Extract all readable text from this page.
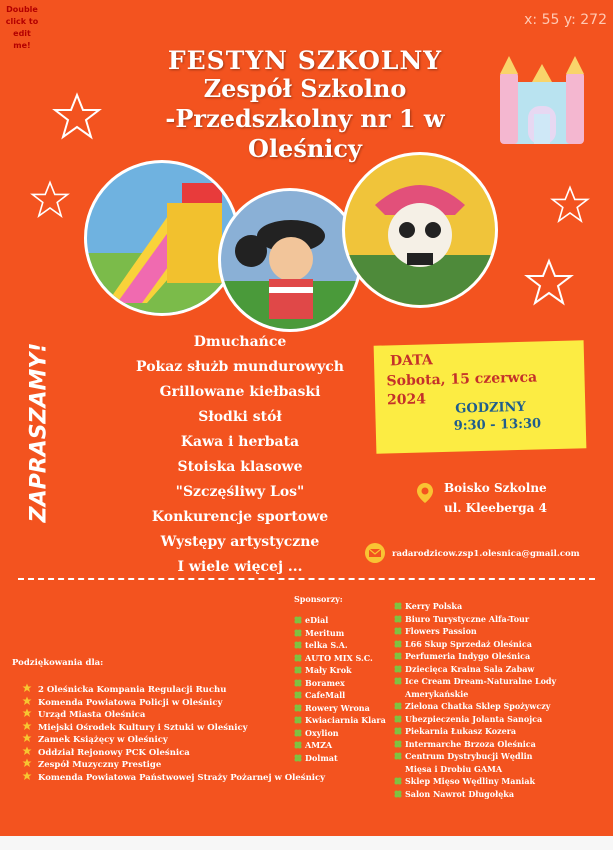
Double click to edit me!
x: 55 y: 272
FESTYN SZKOLNY
Zespół Szkolno
-Przedszkolny nr 1 w
Oleśnicy
ZAPRASZAMY!
Dmuchańce
Pokaz służb mundurowych
Grillowane kiełbaski
Słodki stół
Kawa i herbata
Stoiska klasowe
"Szczęśliwy Los"
Konkurencje sportowe
Występy artystyczne
I wiele więcej ...
DATA
Sobota, 15 czerwca
2024 GODZINY
9:30 - 13:30
Boisko Szkolne
ul. Kleeberga 4
radarodzicow.zsp1.olesnica@gmail.com
Sponsorzy:
eDial
Meritum
telka S.A.
AUTO MIX S.C.
Mały Krok
Boramex
CafeMall
Rowery Wrona
Kwiaciarnia Klara
Oxylion
AMZA
Dolmat
Kerry Polska
Biuro Turystyczne Alfa-Tour
Flowers Passion
L66 Skup Sprzedaż Oleśnica
Perfumeria Indygo Oleśnica
Dziecięca Kraina Sala Zabaw
Ice Cream Dream-Naturalne Lody
Amerykańskie
Zielona Chatka Sklep Spożywczy
Ubezpieczenia Jolanta Sanojca
Piekarnia Łukasz Kozera
Intermarche Brzoza Oleśnica
Centrum Dystrybucji Wędlin
Mięsa i Drobiu GAMA
Sklep Mięso Wędliny Maniak
Salon Nawrot Długołęka
Podziękowania dla:
2 Oleśnicka Kompania Regulacji Ruchu
Komenda Powiatowa Policji w Oleśnicy
Urząd Miasta Oleśnica
Miejski Ośrodek Kultury i Sztuki w Oleśnicy
Zamek Książęcy w Oleśnicy
Oddział Rejonowy PCK Oleśnica
Zespół Muzyczny Prestige
Komenda Powiatowa Państwowej Straży Pożarnej w Oleśnicy
